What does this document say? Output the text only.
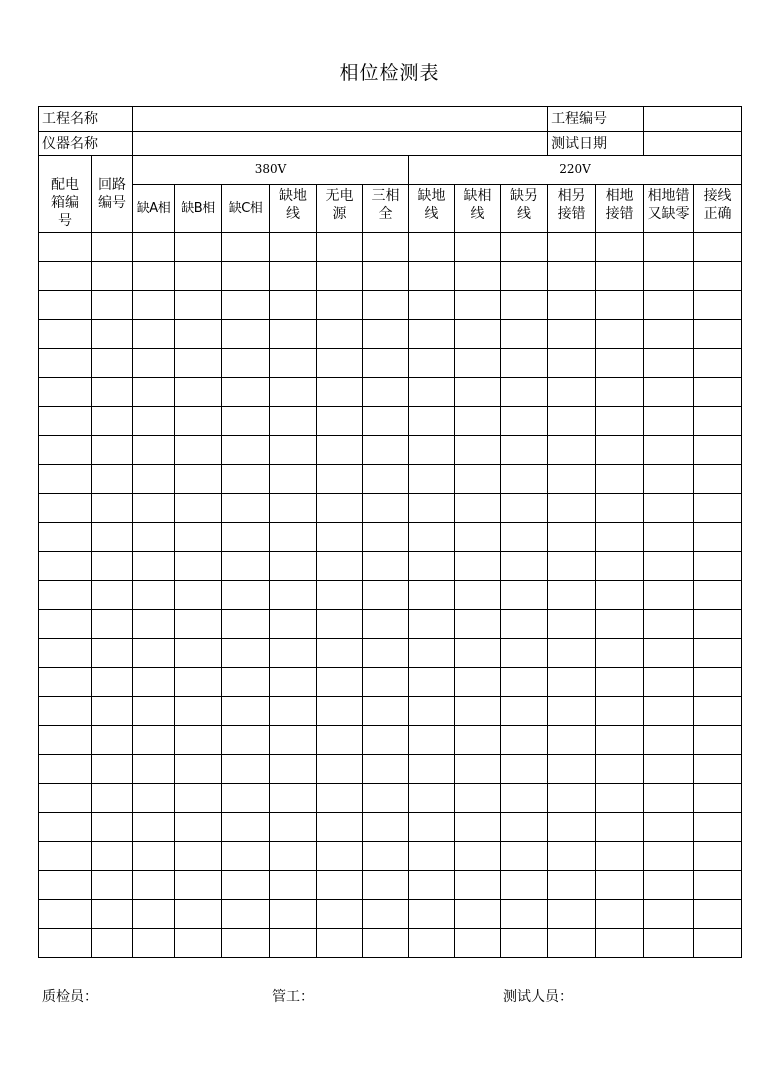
相位检测表
工程名称											工程编号			
仪器名称											测试日期			

配电箱编号	回路编号	380V						220V						
		缺A相	缺B相	缺C相	缺地线	无电源	三相全	缺地线	缺相线	缺另线	相另接错	相地接错	相地错又缺零	接线正确

质检员：	管工：	测试人员：
